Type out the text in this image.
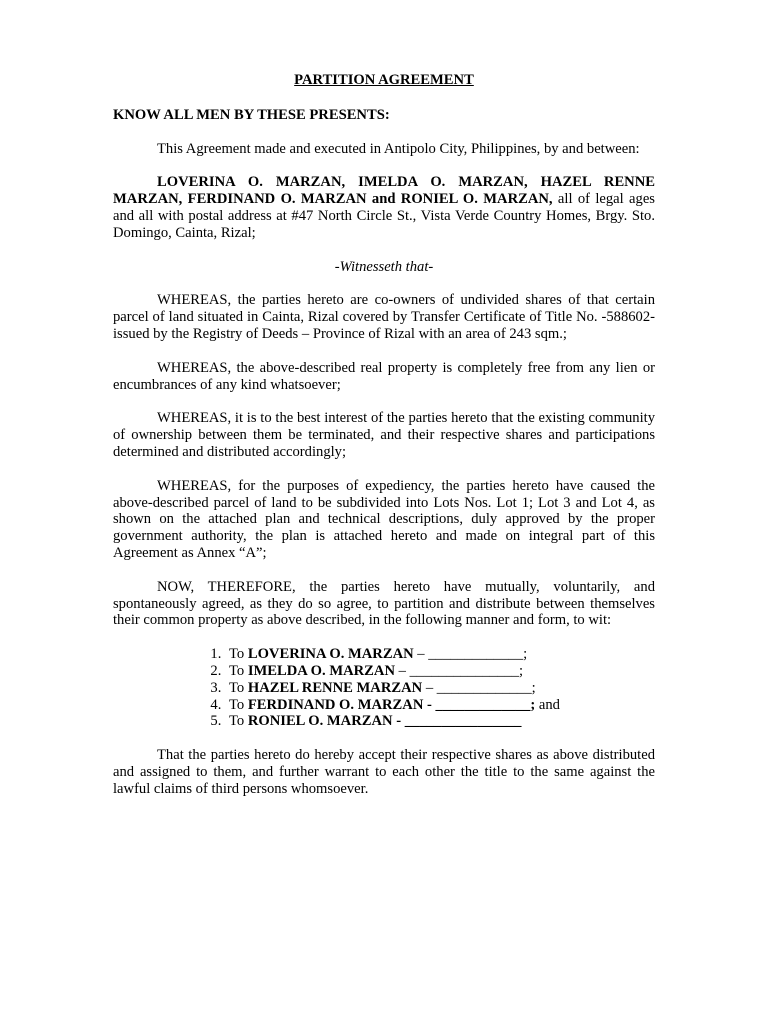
PARTITION AGREEMENT
KNOW ALL MEN BY THESE PRESENTS:

This Agreement made and executed in Antipolo City, Philippines, by and between:

LOVERINA O. MARZAN, IMELDA O. MARZAN, HAZEL RENNE MARZAN, FERDINAND O. MARZAN and RONIEL O. MARZAN, all of legal ages and all with postal address at #47 North Circle St., Vista Verde Country Homes, Brgy. Sto. Domingo, Cainta, Rizal;

-Witnesseth that-

WHEREAS, the parties hereto are co-owners of undivided shares of that certain parcel of land situated in Cainta, Rizal covered by Transfer Certificate of Title No. -588602- issued by the Registry of Deeds – Province of Rizal with an area of 243 sqm.;

WHEREAS, the above-described real property is completely free from any lien or encumbrances of any kind whatsoever;

WHEREAS, it is to the best interest of the parties hereto that the existing community of ownership between them be terminated, and their respective shares and participations determined and distributed accordingly;

WHEREAS, for the purposes of expediency, the parties hereto have caused the above-described parcel of land to be subdivided into Lots Nos. Lot 1; Lot 3 and Lot 4, as shown on the attached plan and technical descriptions, duly approved by the proper government authority, the plan is attached hereto and made on integral part of this Agreement as Annex “A”;

NOW, THEREFORE, the parties hereto have mutually, voluntarily, and spontaneously agreed, as they do so agree, to partition and distribute between themselves their common property as above described, in the following manner and form, to wit:

1. To LOVERINA O. MARZAN – _____________;
2. To IMELDA O. MARZAN – _______________;
3. To HAZEL RENNE MARZAN – _____________;
4. To FERDINAND O. MARZAN - _____________; and
5. To RONIEL O. MARZAN - ________________

That the parties hereto do hereby accept their respective shares as above distributed and assigned to them, and further warrant to each other the title to the same against the lawful claims of third persons whomsoever.
